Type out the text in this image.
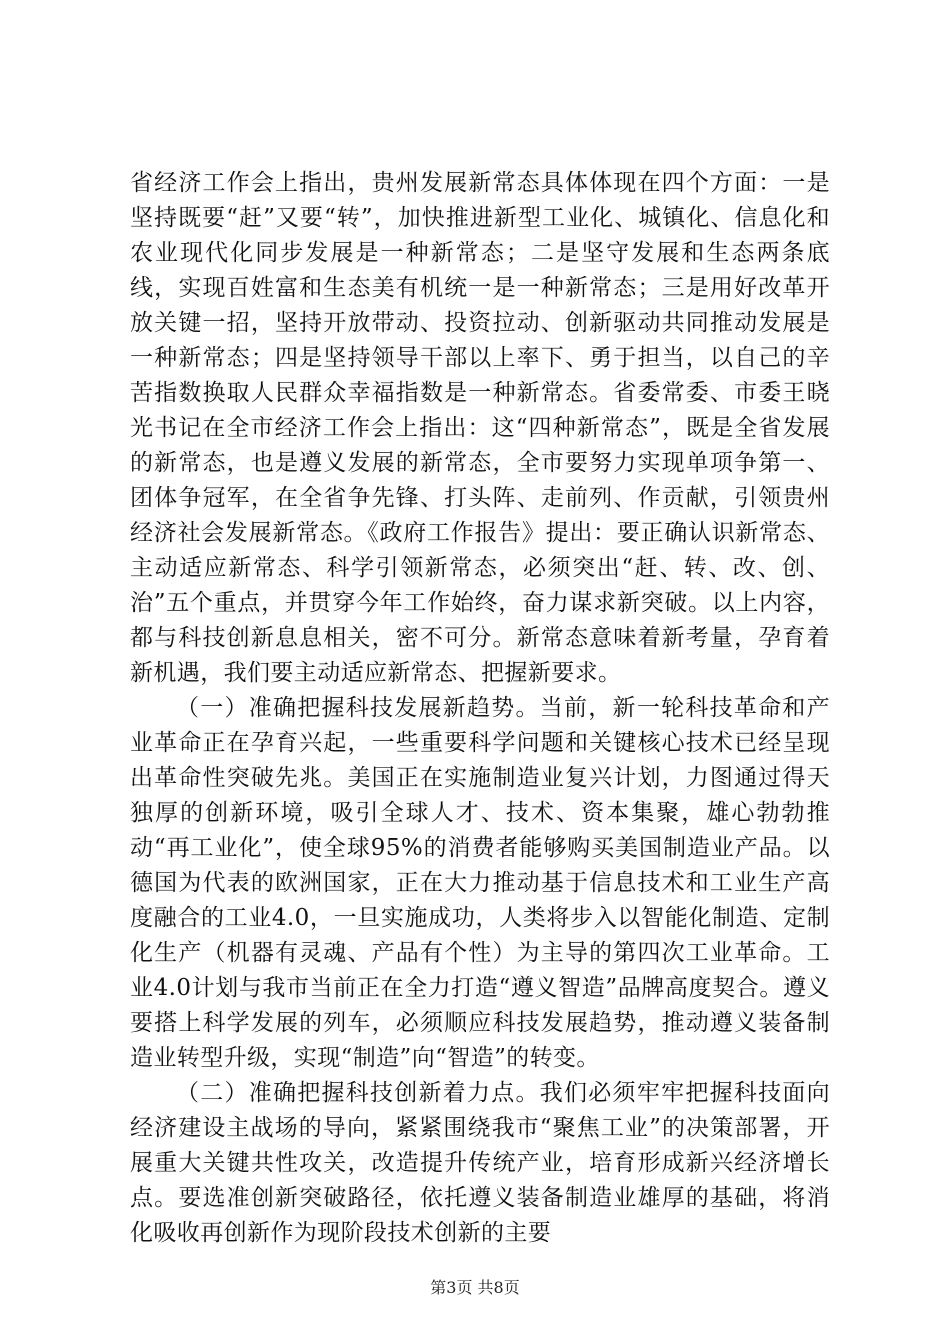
省经济工作会上指出，贵州发展新常态具体体现在四个方面：一是坚持既要“赶”又要“转”，加快推进新型工业化、城镇化、信息化和农业现代化同步发展是一种新常态；二是坚守发展和生态两条底线，实现百姓富和生态美有机统一是一种新常态；三是用好改革开放关键一招，坚持开放带动、投资拉动、创新驱动共同推动发展是一种新常态；四是坚持领导干部以上率下、勇于担当，以自己的辛苦指数换取人民群众幸福指数是一种新常态。省委常委、市委王晓光书记在全市经济工作会上指出：这“四种新常态”，既是全省发展的新常态，也是遵义发展的新常态，全市要努力实现单项争第一、团体争冠军，在全省争先锋、打头阵、走前列、作贡献，引领贵州经济社会发展新常态。《政府工作报告》提出：要正确认识新常态、主动适应新常态、科学引领新常态，必须突出“赶、转、改、创、治”五个重点，并贯穿今年工作始终，奋力谋求新突破。以上内容，都与科技创新息息相关，密不可分。新常态意味着新考量，孕育着新机遇，我们要主动适应新常态、把握新要求。

（一）准确把握科技发展新趋势。当前，新一轮科技革命和产业革命正在孕育兴起，一些重要科学问题和关键核心技术已经呈现出革命性突破先兆。美国正在实施制造业复兴计划，力图通过得天独厚的创新环境，吸引全球人才、技术、资本集聚，雄心勃勃推动“再工业化”，使全球95%的消费者能够购买美国制造业产品。以德国为代表的欧洲国家，正在大力推动基于信息技术和工业生产高度融合的工业4.0，一旦实施成功，人类将步入以智能化制造、定制化生产（机器有灵魂、产品有个性）为主导的第四次工业革命。工业4.0计划与我市当前正在全力打造“遵义智造”品牌高度契合。遵义要搭上科学发展的列车，必须顺应科技发展趋势，推动遵义装备制造业转型升级，实现“制造”向“智造”的转变。

（二）准确把握科技创新着力点。我们必须牢牢把握科技面向经济建设主战场的导向，紧紧围绕我市“聚焦工业”的决策部署，开展重大关键共性攻关，改造提升传统产业，培育形成新兴经济增长点。要选准创新突破路径，依托遵义装备制造业雄厚的基础，将消化吸收再创新作为现阶段技术创新的主要

第3页 共8页
